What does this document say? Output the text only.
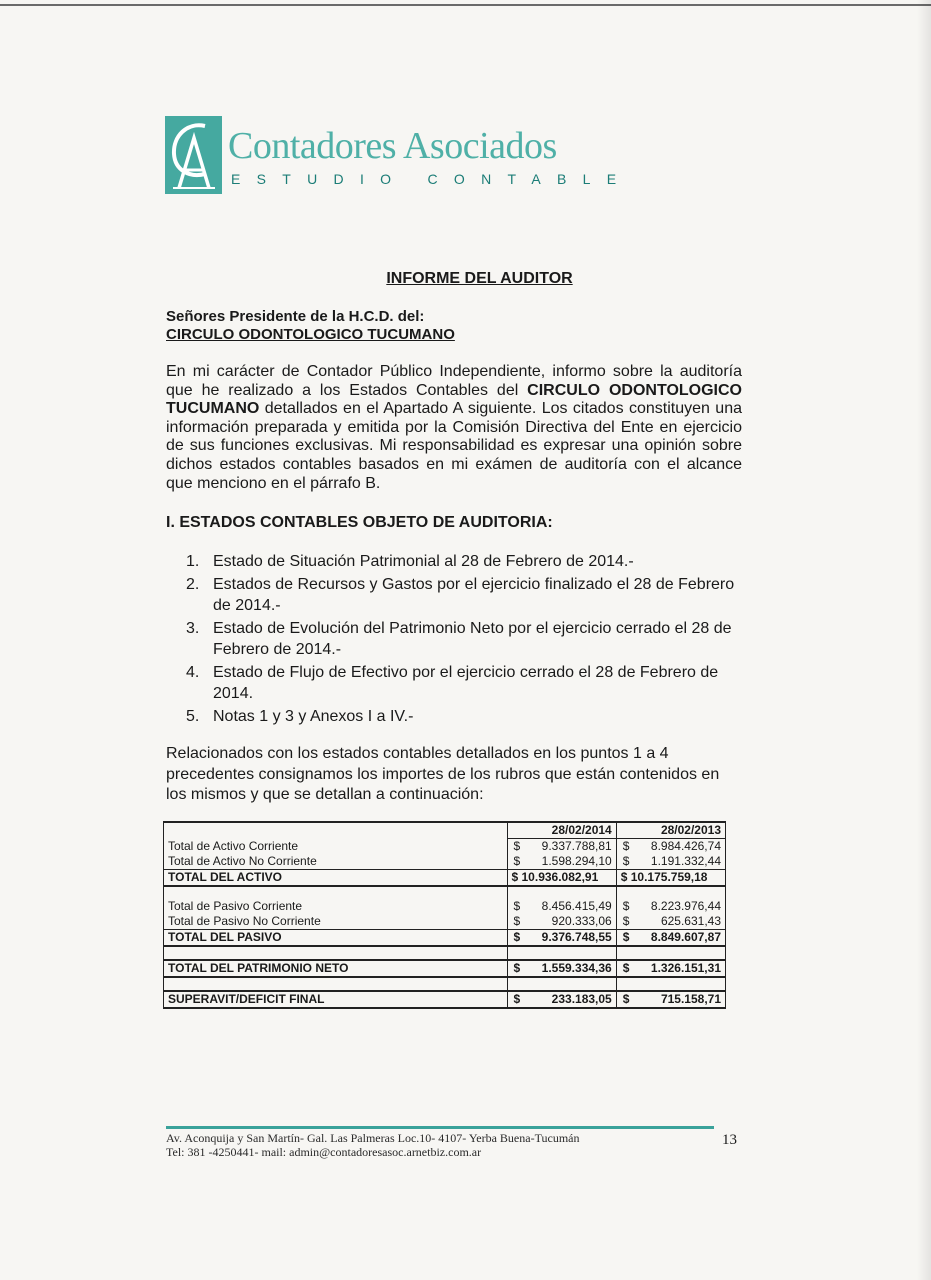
Contadores Asociados
ESTUDIO CONTABLE
INFORME DEL AUDITOR
Señores Presidente de la H.C.D. del:
CIRCULO ODONTOLOGICO TUCUMANO
En mi carácter de Contador Público Independiente, informo sobre la auditoría que he realizado a los Estados Contables del CIRCULO ODONTOLOGICO TUCUMANO detallados en el Apartado A siguiente. Los citados constituyen una información preparada y emitida por la Comisión Directiva del Ente en ejercicio de sus funciones exclusivas. Mi responsabilidad es expresar una opinión sobre dichos estados contables basados en mi exámen de auditoría con el alcance que menciono en el párrafo B.
I. ESTADOS CONTABLES OBJETO DE AUDITORIA:
1. Estado de Situación Patrimonial al 28 de Febrero de 2014.-
2. Estados de Recursos y Gastos por el ejercicio finalizado el 28 de Febrero de 2014.-
3. Estado de Evolución del Patrimonio Neto por el ejercicio cerrado el 28 de Febrero de 2014.-
4. Estado de Flujo de Efectivo por el ejercicio cerrado el 28 de Febrero de 2014.
5. Notas 1 y 3 y Anexos I a IV.-
Relacionados con los estados contables detallados en los puntos 1 a 4 precedentes consignamos los importes de los rubros que están contenidos en los mismos y que se detallan a continuación:
	28/02/2014	28/02/2013
Total de Activo Corriente	$ 9.337.788,81	$ 8.984.426,74
Total de Activo No Corriente	$ 1.598.294,10	$ 1.191.332,44
TOTAL DEL ACTIVO	$ 10.936.082,91	$ 10.175.759,18

Total de Pasivo Corriente	$ 8.456.415,49	$ 8.223.976,44
Total de Pasivo No Corriente	$ 920.333,06	$ 625.631,43
TOTAL DEL PASIVO	$ 9.376.748,55	$ 8.849.607,87

TOTAL DEL PATRIMONIO NETO	$ 1.559.334,36	$ 1.326.151,31

SUPERAVIT/DEFICIT FINAL	$ 233.183,05	$ 715.158,71
Av. Aconquija y San Martín- Gal. Las Palmeras Loc.10- 4107- Yerba Buena-Tucumán
Tel: 381 -4250441- mail: admin@contadoresasoc.arnetbiz.com.ar
13
